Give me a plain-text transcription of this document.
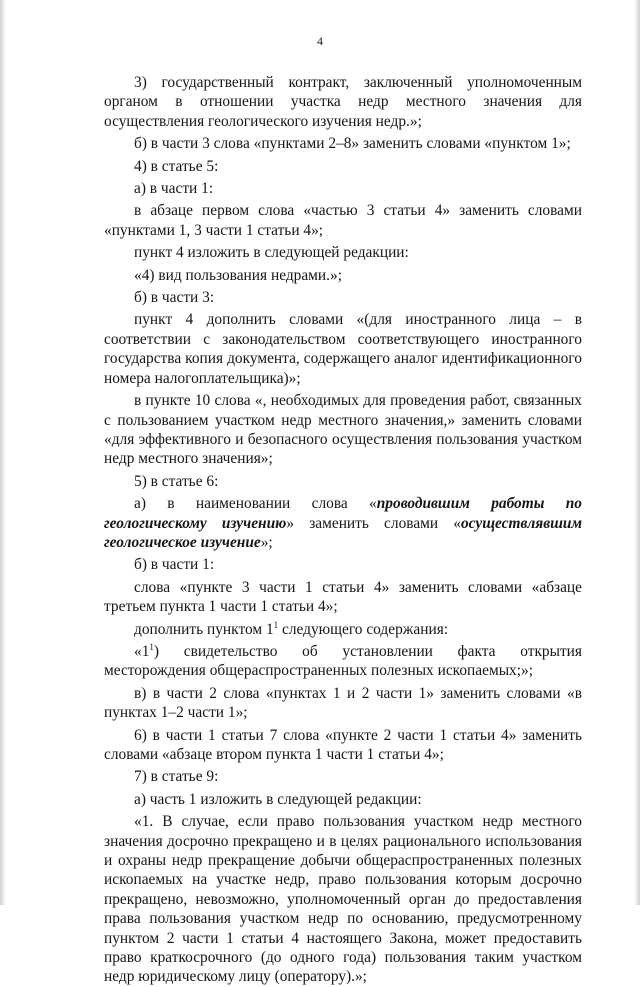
4

3) государственный контракт, заключенный уполномоченным органом в отношении участка недр местного значения для осуществления геологического изучения недр.»;

б) в части 3 слова «пунктами 2–8» заменить словами «пунктом 1»;

4) в статье 5:

а) в части 1:

в абзаце первом слова «частью 3 статьи 4» заменить словами «пунктами 1, 3 части 1 статьи 4»;

пункт 4 изложить в следующей редакции:

«4) вид пользования недрами.»;

б) в части 3:

пункт 4 дополнить словами «(для иностранного лица – в соответствии с законодательством соответствующего иностранного государства копия документа, содержащего аналог идентификационного номера налогоплательщика)»;

в пункте 10 слова «, необходимых для проведения работ, связанных с пользованием участком недр местного значения,» заменить словами «для эффективного и безопасного осуществления пользования участком недр местного значения»;

5) в статье 6:

а) в наименовании слова «проводившим работы по геологическому изучению» заменить словами «осуществлявшим геологическое изучение»;

б) в части 1:

слова «пункте 3 части 1 статьи 4» заменить словами «абзаце третьем пункта 1 части 1 статьи 4»;

дополнить пунктом $1^1$ следующего содержания:

«$1^1$) свидетельство об установлении факта открытия месторождения общераспространенных полезных ископаемых;»;

в) в части 2 слова «пунктах 1 и 2 части 1» заменить словами «в пунктах 1–2 части 1»;

6) в части 1 статьи 7 слова «пункте 2 части 1 статьи 4» заменить словами «абзаце втором пункта 1 части 1 статьи 4»;

7) в статье 9:

а) часть 1 изложить в следующей редакции:

«1. В случае, если право пользования участком недр местного значения досрочно прекращено и в целях рационального использования и охраны недр прекращение добычи общераспространенных полезных ископаемых на участке недр, право пользования которым досрочно прекращено, невозможно, уполномоченный орган до предоставления права пользования участком недр по основанию, предусмотренному пунктом 2 части 1 статьи 4 настоящего Закона, может предоставить право краткосрочного (до одного года) пользования таким участком недр юридическому лицу (оператору).»;
